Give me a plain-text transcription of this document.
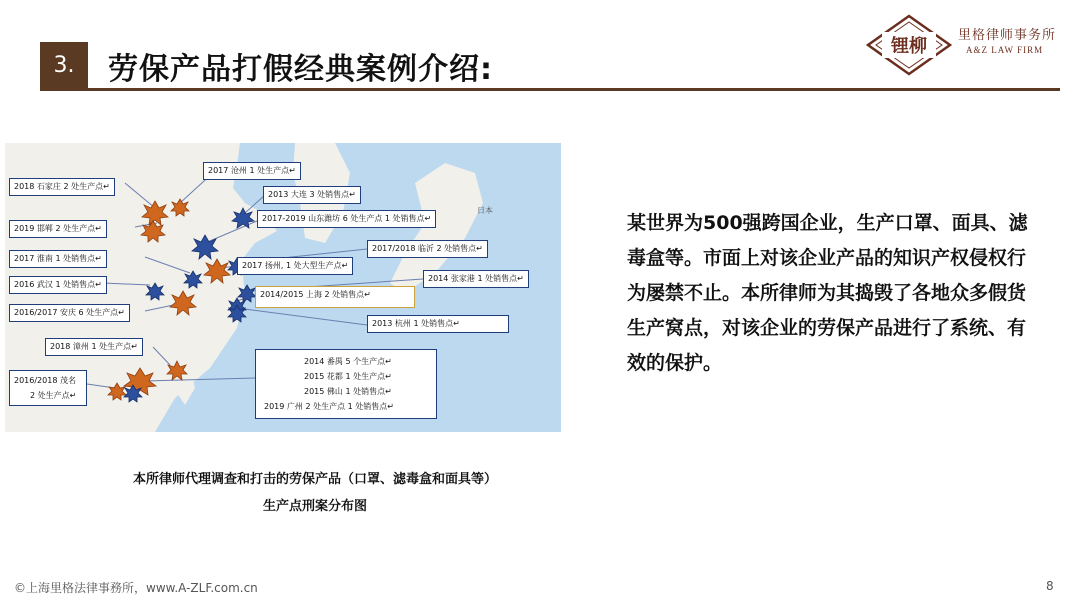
3.	劳保产品打假经典案例介绍:
锂柳
里格律师事务所
A&Z LAW FIRM
日本
2018 石家庄 2 处生产点↵
2017 沧州 1 处生产点↵
2013 大连 3 处销售点↵
2019 邯郸 2 处生产点↵
2017-2019 山东潍坊 6 处生产点 1 处销售点↵
2017 淮南 1 处销售点↵
2017/2018 临沂 2 处销售点↵
2017 扬州, 1 处大型生产点↵
2016 武汉 1 处销售点↵
2014 张家港 1 处销售点↵
2014/2015 上海 2 处销售点↵
2016/2017 安庆 6 处生产点↵
2013 杭州 1 处销售点↵
2018 漳州 1 处生产点↵
2016/2018 茂名
2 处生产点↵
2014 番禺 5 个生产点↵
2015 花都 1 处生产点↵
2015 佛山 1 处销售点↵
2019 广州 2 处生产点 1 处销售点↵
本所律师代理调查和打击的劳保产品（口罩、滤毒盒和面具等）
生产点刑案分布图
某世界为500强跨国企业，生产口罩、面具、滤毒盒等。市面上对该企业产品的知识产权侵权行为屡禁不止。本所律师为其捣毁了各地众多假货生产窝点，对该企业的劳保产品进行了系统、有效的保护。
©上海里格法律事務所，www.A-ZLF.com.cn	8
